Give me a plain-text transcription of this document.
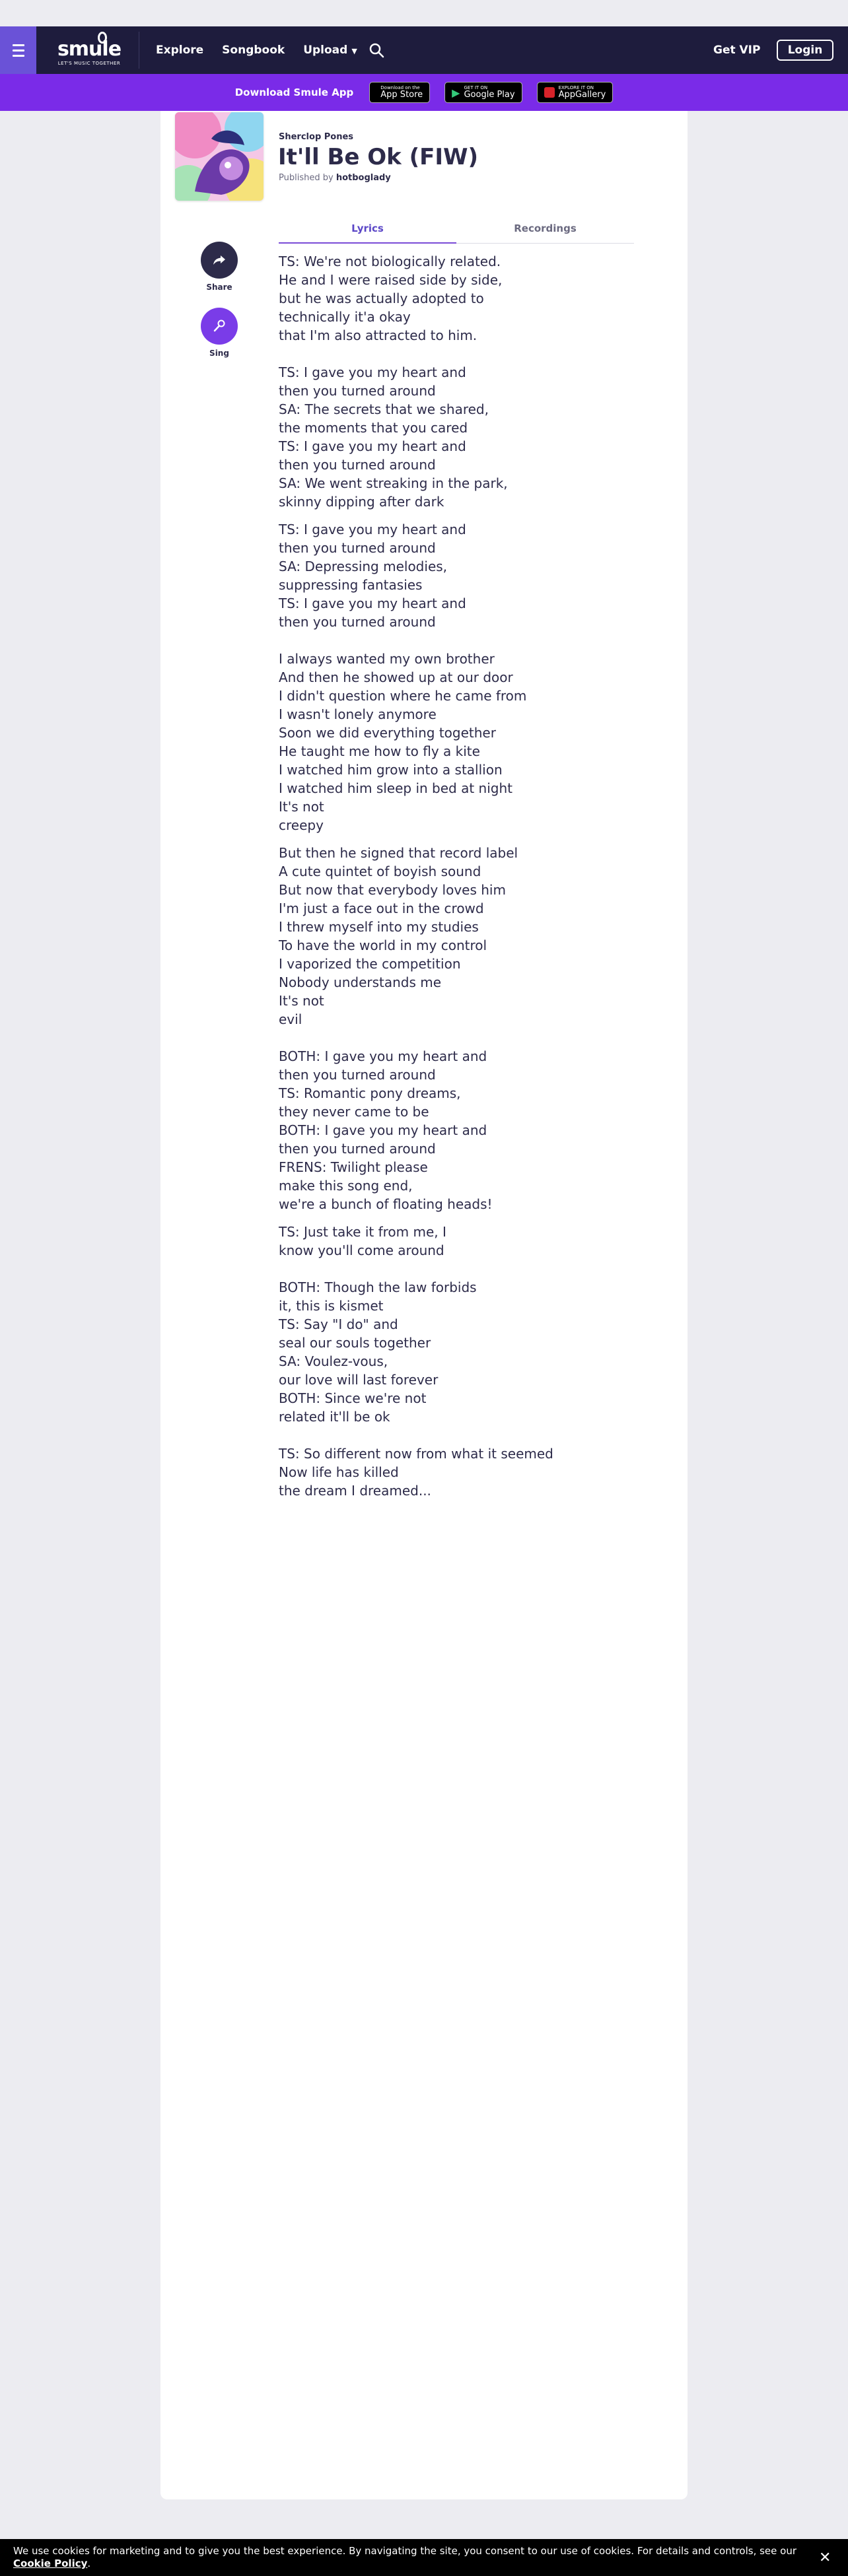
smule
LET'S MUSIC TOGETHER
Explore Songbook Upload ▼	Get VIP	Login
Download Smule App	Download on the
App Store	▶ GET IT ON
Google Play
EXPLORE IT ON
AppGallery
Sherclop Pones
It'll Be Ok (FIW)
Published by hotboglady
Lyrics	Recordings
Share
Sing
TS: We're not biologically related.
He and I were raised side by side,
but he was actually adopted to
technically it'a okay
that I'm also attracted to him.
TS: I gave you my heart and
then you turned around
SA: The secrets that we shared,
the moments that you cared
TS: I gave you my heart and
then you turned around
SA: We went streaking in the park,
skinny dipping after dark
TS: I gave you my heart and
then you turned around
SA: Depressing melodies,
suppressing fantasies
TS: I gave you my heart and
then you turned around
I always wanted my own brother
And then he showed up at our door
I didn't question where he came from
I wasn't lonely anymore
Soon we did everything together
He taught me how to fly a kite
I watched him grow into a stallion
I watched him sleep in bed at night
It's not
creepy
But then he signed that record label
A cute quintet of boyish sound
But now that everybody loves him
I'm just a face out in the crowd
I threw myself into my studies
To have the world in my control
I vaporized the competition
Nobody understands me
It's not
evil
BOTH: I gave you my heart and
then you turned around
TS: Romantic pony dreams,
they never came to be
BOTH: I gave you my heart and
then you turned around
FRENS: Twilight please
make this song end,
we're a bunch of floating heads!
TS: Just take it from me, I
know you'll come around
BOTH: Though the law forbids
it, this is kismet
TS: Say "I do" and
seal our souls together
SA: Voulez-vous,
our love will last forever
BOTH: Since we're not
related it'll be ok
TS: So different now from what it seemed
Now life has killed
the dream I dreamed...
We use cookies for marketing and to give you the best experience. By navigating the site, you consent to our use of cookies. For details and controls, see our Cookie Policy.	✕
